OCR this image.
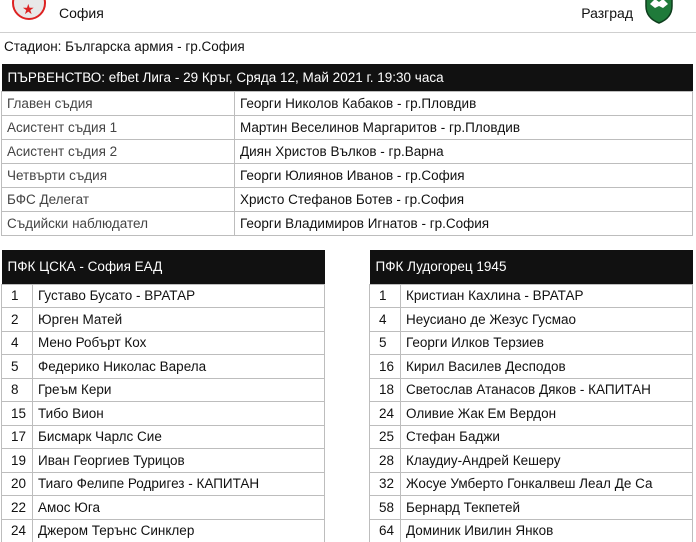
★ София	Разград
Стадион: Българска армия - гр.София
ПЪРВЕНСТВО: efbet Лига - 29 Кръг, Сряда 12, Май 2021 г. 19:30 часа	
Главен съдия	Георги Николов Кабаков - гр.Пловдив
Асистент съдия 1	Мартин Веселинов Маргаритов - гр.Пловдив
Асистент съдия 2	Диян Христов Вълков - гр.Варна
Четвърти съдия	Георги Юлиянов Иванов - гр.София
БФС Делегат	Христо Стефанов Ботев - гр.София
Съдийски наблюдател	Георги Владимиров Игнатов - гр.София
ПФК ЦСКА - София ЕАД	
1	Густаво Бусато - ВРАТАР
2	Юрген Матей
4	Мено Робърт Кох
5	Федерико Николас Варела
8	Греъм Кери
15	Тибо Вион
17	Бисмарк Чарлс Сие
19	Иван Георгиев Турицов
20	Тиаго Фелипе Родригез - КАПИТАН
22	Амос Юга
24	Джером Терънс Синклер
ПФК Лудогорец 1945	
1	Кристиан Кахлина - ВРАТАР
4	Неусиано де Жезус Гусмао
5	Георги Илков Терзиев
16	Кирил Василев Десподов
18	Светослав Атанасов Дяков - КАПИТАН
24	Оливие Жак Ем Вердон
25	Стефан Баджи
28	Клаудиу-Андрей Кешеру
32	Жосуе Умберто Гонкалвеш Леал Де Са
58	Бернард Текпетей
64	Доминик Ивилин Янков
